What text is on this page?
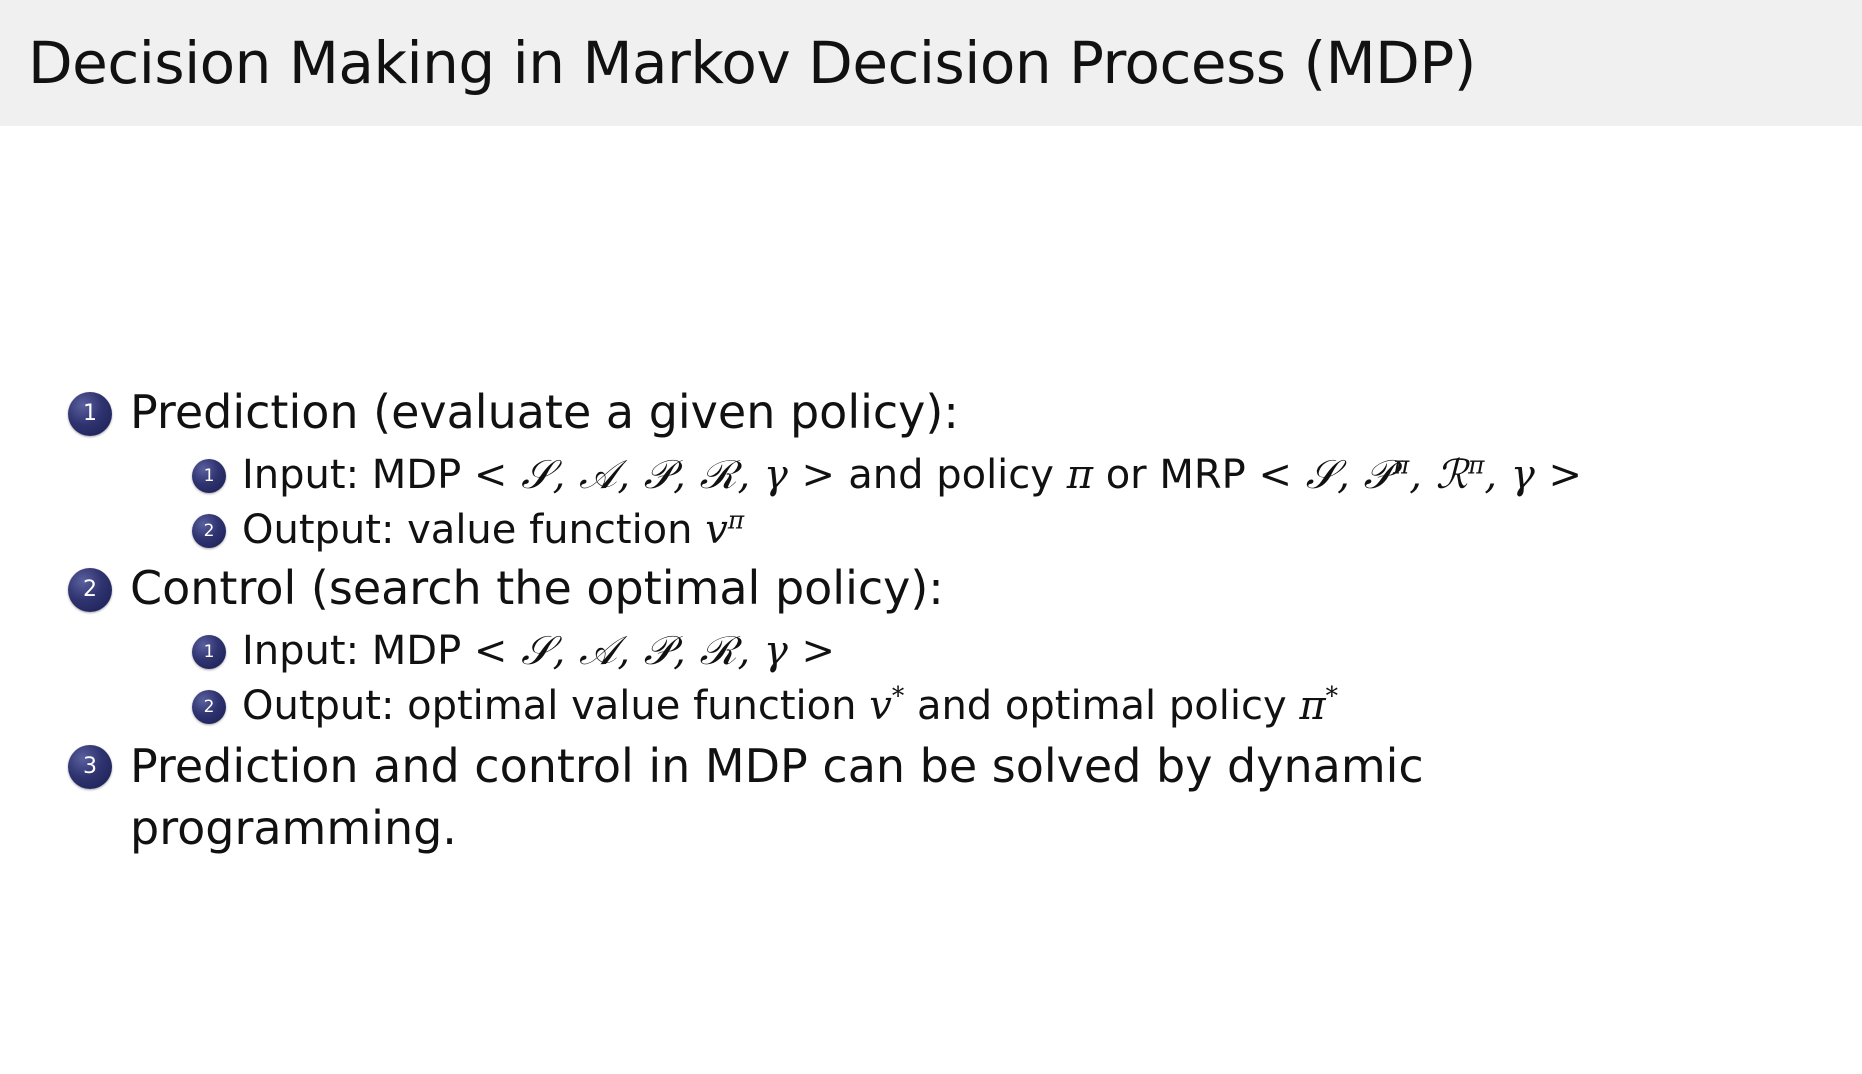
Decision Making in Markov Decision Process (MDP)
1 Prediction (evaluate a given policy):
1 Input: MDP < 𝒮, 𝒜, 𝒫, ℛ, γ > and policy π or MRP < 𝒮, 𝒫$^\pi$, ℛ$^\pi$, γ >
2 Output: value function $v^\pi$
2 Control (search the optimal policy):
1 Input: MDP < 𝒮, 𝒜, 𝒫, ℛ, γ >
2 Output: optimal value function v* and optimal policy π*
3 Prediction and control in MDP can be solved by dynamic programming.
